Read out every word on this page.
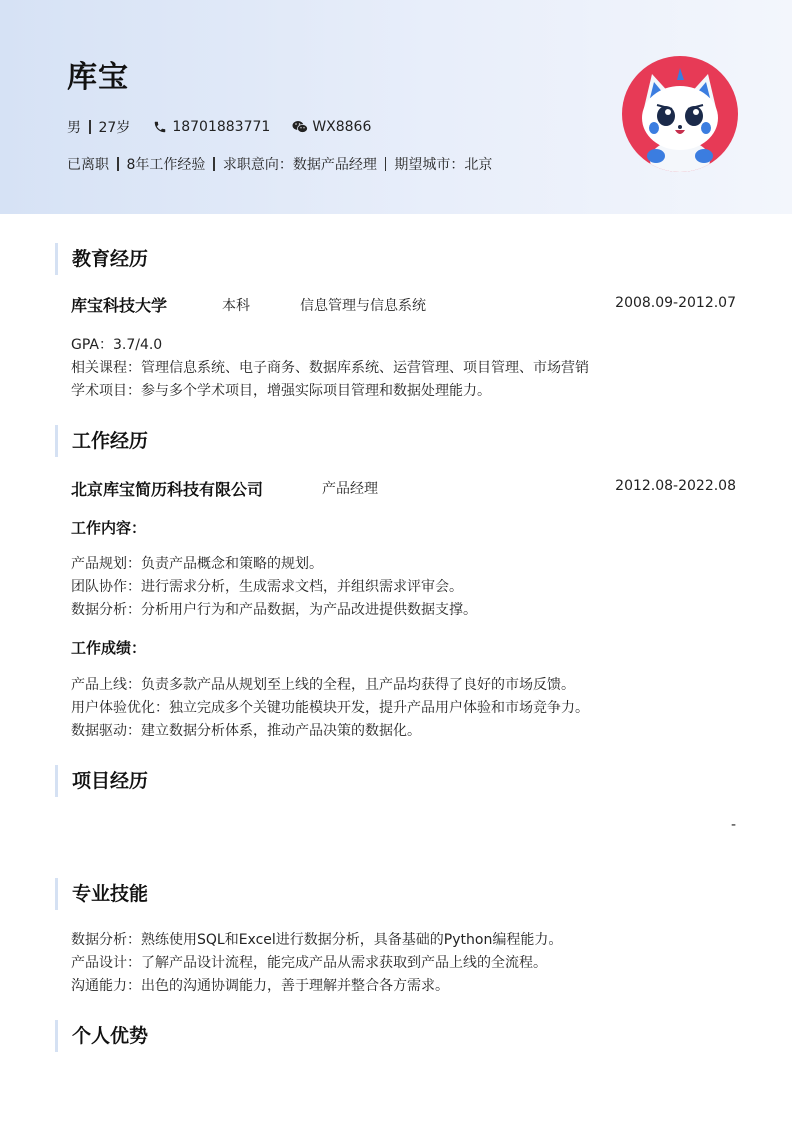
库宝
男 27岁	18701883771	WX8866
已离职 8年工作经验 求职意向：数据产品经理 期望城市：北京
教育经历
库宝科技大学	本科	信息管理与信息系统	2008.09-2012.07
GPA：3.7/4.0
相关课程：管理信息系统、电子商务、数据库系统、运营管理、项目管理、市场营销
学术项目：参与多个学术项目，增强实际项目管理和数据处理能力。
工作经历
北京库宝简历科技有限公司	产品经理	2012.08-2022.08
工作内容：
产品规划：负责产品概念和策略的规划。
团队协作：进行需求分析，生成需求文档，并组织需求评审会。
数据分析：分析用户行为和产品数据，为产品改进提供数据支撑。
工作成绩：
产品上线：负责多款产品从规划至上线的全程，且产品均获得了良好的市场反馈。
用户体验优化：独立完成多个关键功能模块开发，提升产品用户体验和市场竞争力。
数据驱动：建立数据分析体系，推动产品决策的数据化。
项目经历
-
专业技能
数据分析：熟练使用SQL和Excel进行数据分析，具备基础的Python编程能力。
产品设计：了解产品设计流程，能完成产品从需求获取到产品上线的全流程。
沟通能力：出色的沟通协调能力，善于理解并整合各方需求。
个人优势
